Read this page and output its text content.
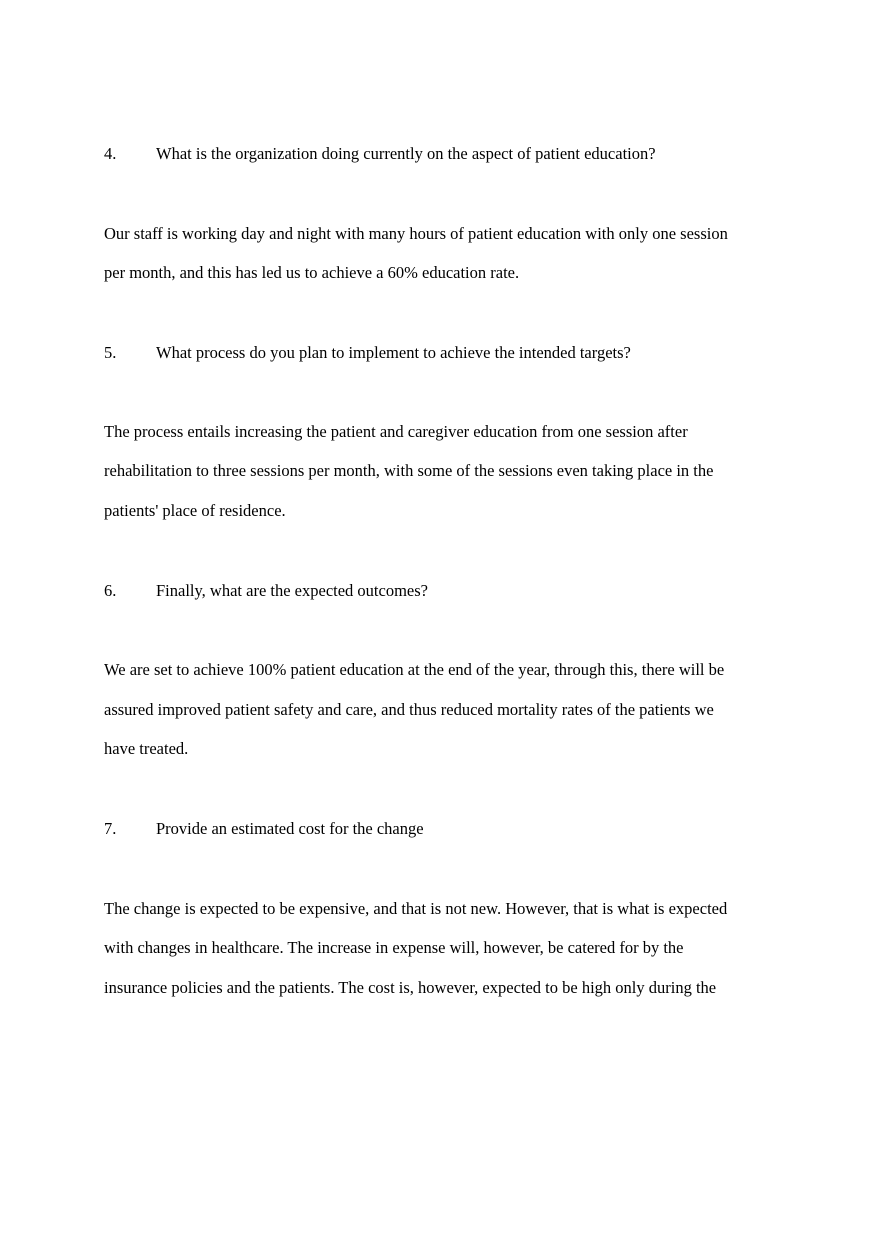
4. What is the organization doing currently on the aspect of patient education?
Our staff is working day and night with many hours of patient education with only one session
per month, and this has led us to achieve a 60% education rate.
5. What process do you plan to implement to achieve the intended targets?
The process entails increasing the patient and caregiver education from one session after
rehabilitation to three sessions per month, with some of the sessions even taking place in the
patients' place of residence.
6. Finally, what are the expected outcomes?
We are set to achieve 100% patient education at the end of the year, through this, there will be
assured improved patient safety and care, and thus reduced mortality rates of the patients we
have treated.
7. Provide an estimated cost for the change
The change is expected to be expensive, and that is not new. However, that is what is expected
with changes in healthcare. The increase in expense will, however, be catered for by the
insurance policies and the patients. The cost is, however, expected to be high only during the
